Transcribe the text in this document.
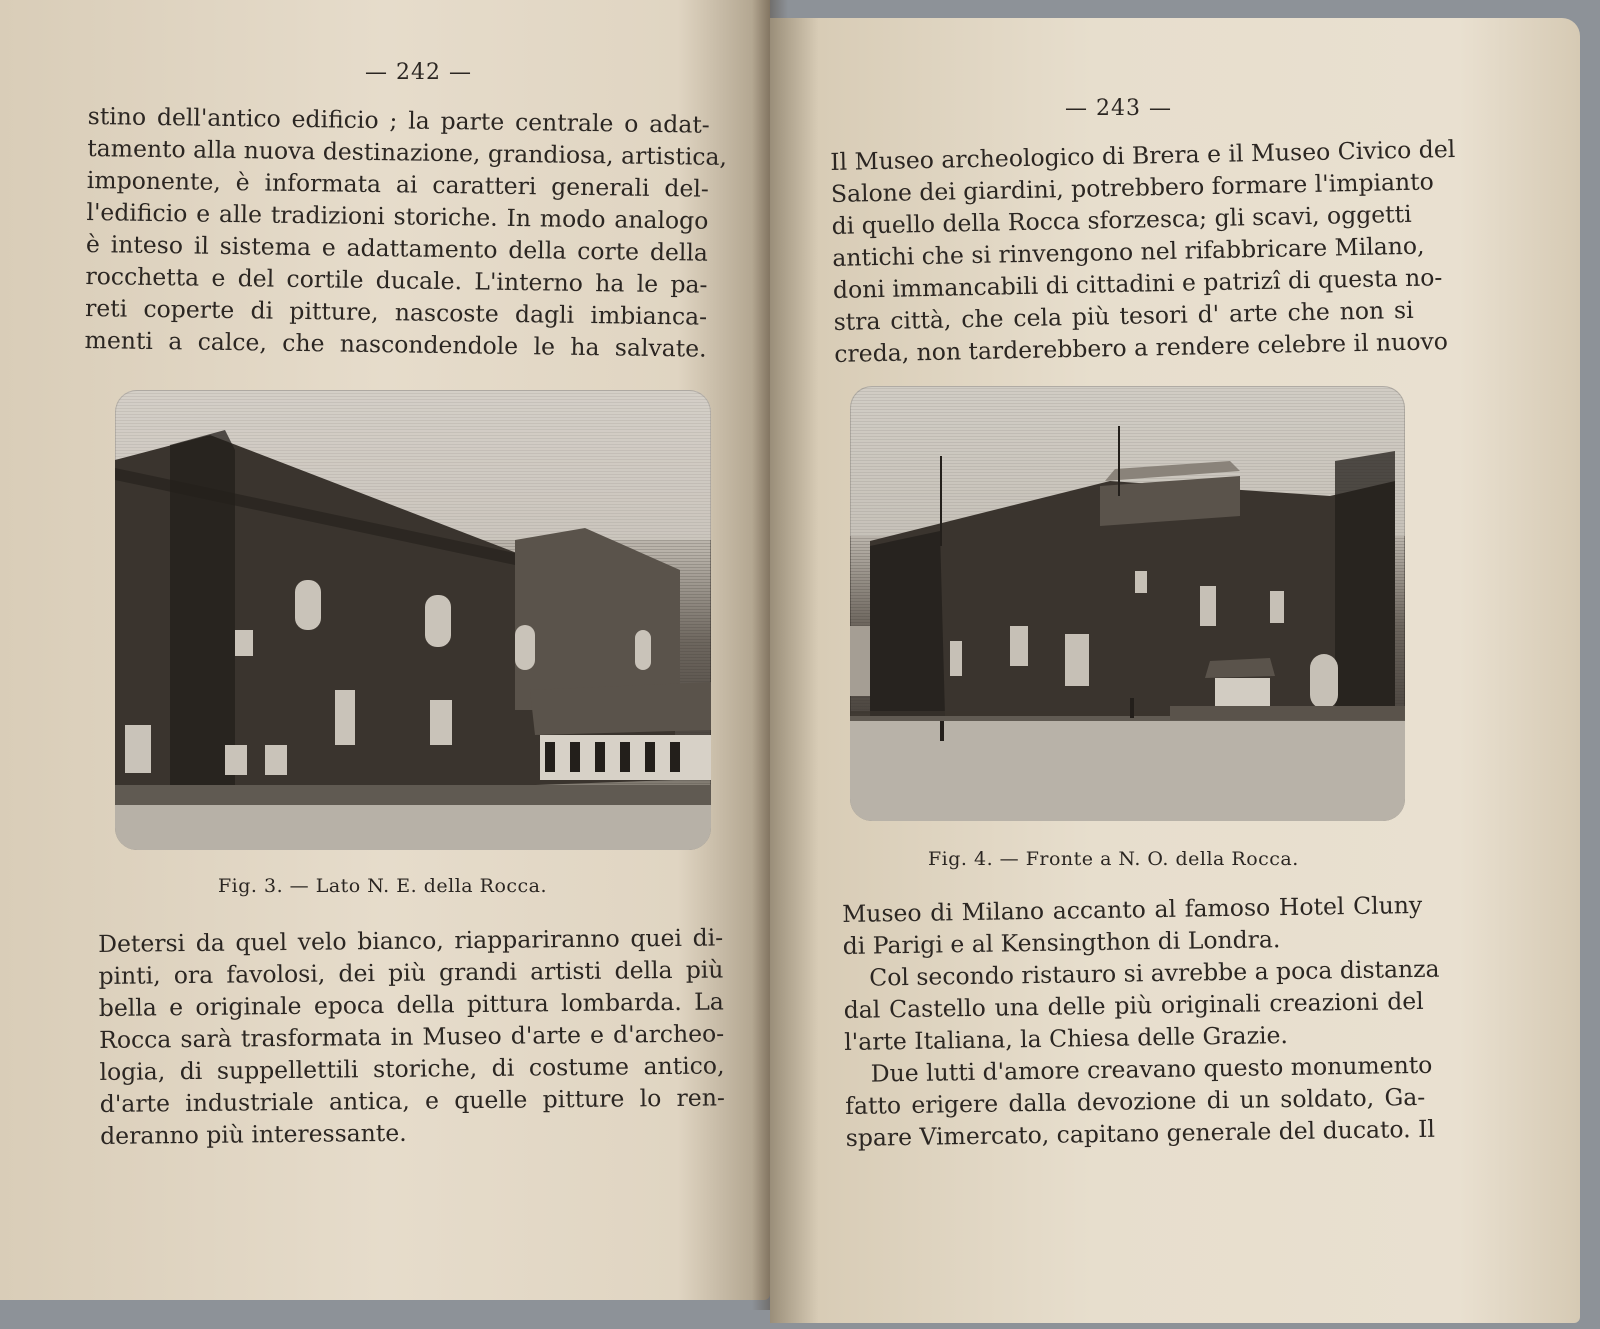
— 242 —
stino dell'antico edificio ; la parte centrale o adat-
tamento alla nuova destinazione, grandiosa, artistica,
imponente, è informata ai caratteri generali del-
l'edificio e alle tradizioni storiche. In modo analogo
è inteso il sistema e adattamento della corte della
rocchetta e del cortile ducale. L'interno ha le pa-
reti coperte di pitture, nascoste dagli imbianca-
menti a calce, che nascondendole le ha salvate.
Fig. 3. — Lato N. E. della Rocca.
Detersi da quel velo bianco, riappariranno quei di-
pinti, ora favolosi, dei più grandi artisti della più
bella e originale epoca della pittura lombarda. La
Rocca sarà trasformata in Museo d'arte e d'archeo-
logia, di suppellettili storiche, di costume antico,
d'arte industriale antica, e quelle pitture lo ren-
deranno più interessante.
— 243 —
Il Museo archeologico di Brera e il Museo Civico del
Salone dei giardini, potrebbero formare l'impianto
di quello della Rocca sforzesca; gli scavi, oggetti
antichi che si rinvengono nel rifabbricare Milano,
doni immancabili di cittadini e patrizî di questa no-
stra città, che cela più tesori d' arte che non si
creda, non tarderebbero a rendere celebre il nuovo
Fig. 4. — Fronte a N. O. della Rocca.
Museo di Milano accanto al famoso Hotel Cluny
di Parigi e al Kensingthon di Londra.
Col secondo ristauro si avrebbe a poca distanza
dal Castello una delle più originali creazioni del
l'arte Italiana, la Chiesa delle Grazie.
Due lutti d'amore creavano questo monumento
fatto erigere dalla devozione di un soldato, Ga-
spare Vimercato, capitano generale del ducato. Il
